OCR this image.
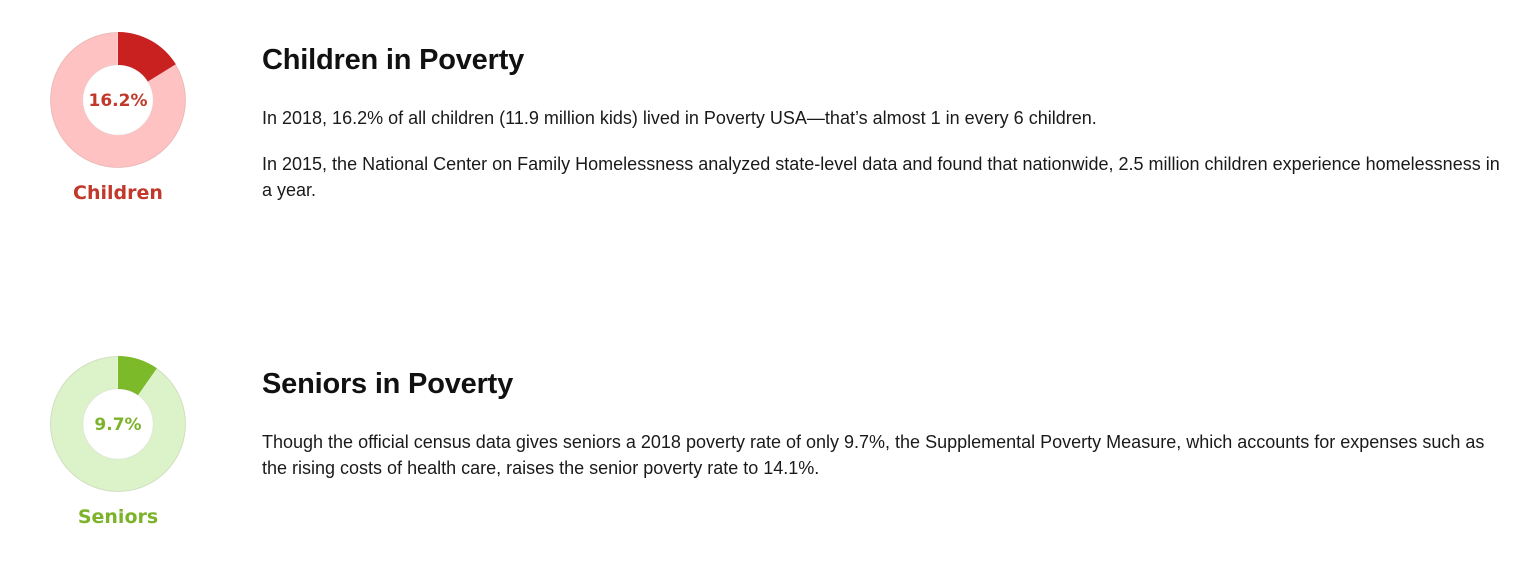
16.2%
Children
Children in Poverty

In 2018, 16.2% of all children (11.9 million kids) lived in Poverty USA—that’s almost 1 in every 6 children.

In 2015, the National Center on Family Homelessness analyzed state-level data and found that nationwide, 2.5 million children experience homelessness in a year.

9.7%
Seniors
Seniors in Poverty

Though the official census data gives seniors a 2018 poverty rate of only 9.7%, the Supplemental Poverty Measure, which accounts for expenses such as the rising costs of health care, raises the senior poverty rate to 14.1%.
